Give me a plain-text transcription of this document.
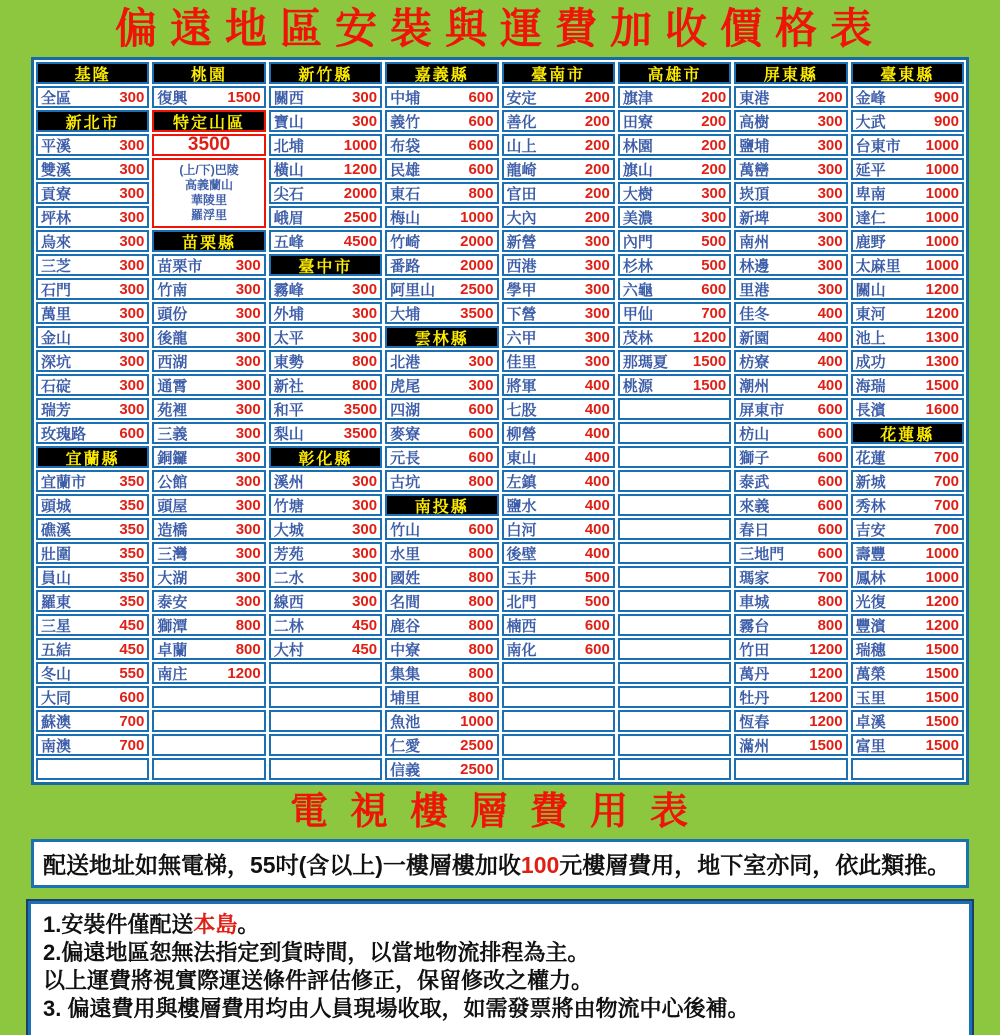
偏遠地區安裝與運費加收價格表
基隆
全區	300
新北市
平溪	300
雙溪	300
貢寮	300
坪林	300
烏來	300
三芝	300
石門	300
萬里	300
金山	300
深坑	300
石碇	300
瑞芳	300
玫瑰路 600
宜蘭縣
宜蘭市 350
頭城	350
礁溪	350
壯圍	350
員山	350
羅東	350
三星	450
五結	450
冬山	550
大同	600
蘇澳	700
南澳	700
桃園
復興	1500
特定山區
3500
(上/下)巴陵
高義蘭山
華陵里
羅浮里
苗栗縣
苗栗市 300
竹南	300
頭份	300
後龍	300
西湖	300
通霄	300
苑裡	300
三義	300
銅鑼	300
公館	300
頭屋	300
造橋	300
三灣	300
大湖	300
泰安	300
獅潭	800
卓蘭	800
南庄	1200
新竹縣
關西	300
寶山	300
北埔	1000
橫山	1200
尖石	2000
峨眉	2500
五峰	4500
臺中市
霧峰	300
外埔	300
太平	300
東勢	800
新社	800
和平	3500
梨山	3500
彰化縣
溪州	300
竹塘	300
大城	300
芳苑	300
二水	300
線西	300
二林	450
大村	450
嘉義縣
中埔	600
義竹	600
布袋	600
民雄	600
東石	800
梅山	1000
竹崎	2000
番路	2000
阿里山 2500
大埔	3500
雲林縣
北港	300
虎尾	300
四湖	600
麥寮	600
元長	600
古坑	800
南投縣
竹山	600
水里	800
國姓	800
名間	800
鹿谷	800
中寮	800
集集	800
埔里	800
魚池	1000
仁愛	2500
信義	2500
臺南市
安定	200
善化	200
山上	200
龍崎	200
官田	200
大內	200
新營	300
西港	300
學甲	300
下營	300
六甲	300
佳里	300
將軍	400
七股	400
柳營	400
東山	400
左鎮	400
鹽水	400
白河	400
後壁	400
玉井	500
北門	500
楠西	600
南化	600
高雄市
旗津	200
田寮	200
林園	200
旗山	200
大樹	300
美濃	300
內門	500
杉林	500
六龜	600
甲仙	700
茂林	1200
那瑪夏 1500
桃源	1500
屏東縣
東港	200
高樹	300
鹽埔	300
萬巒	300
崁頂	300
新埤	300
南州	300
林邊	300
里港	300
佳冬	400
新園	400
枋寮	400
潮州	400
屏東市 600
枋山	600
獅子	600
泰武	600
來義	600
春日	600
三地門 600
瑪家	700
車城	800
霧台	800
竹田	1200
萬丹	1200
牡丹	1200
恆春	1200
滿州	1500
臺東縣
金峰	900
大武	900
台東市 1000
延平	1000
卑南	1000
達仁	1000
鹿野	1000
太麻里 1000
關山	1200
東河	1200
池上	1300
成功	1300
海瑞	1500
長濱	1600
花蓮縣
花蓮	700
新城	700
秀林	700
吉安	700
壽豐	1000
鳳林	1000
光復	1200
豐濱	1200
瑞穗	1500
萬榮	1500
玉里	1500
卓溪	1500
富里	1500
電視樓層費用表
配送地址如無電梯，55吋(含以上)一樓層樓加收100元樓層費用，地下室亦同，依此類推。
1.安裝件僅配送本島。
2.偏遠地區恕無法指定到貨時間，以當地物流排程為主。
以上運費將視實際運送條件評估修正，保留修改之權力。
3. 偏遠費用與樓層費用均由人員現場收取，如需發票將由物流中心後補。
